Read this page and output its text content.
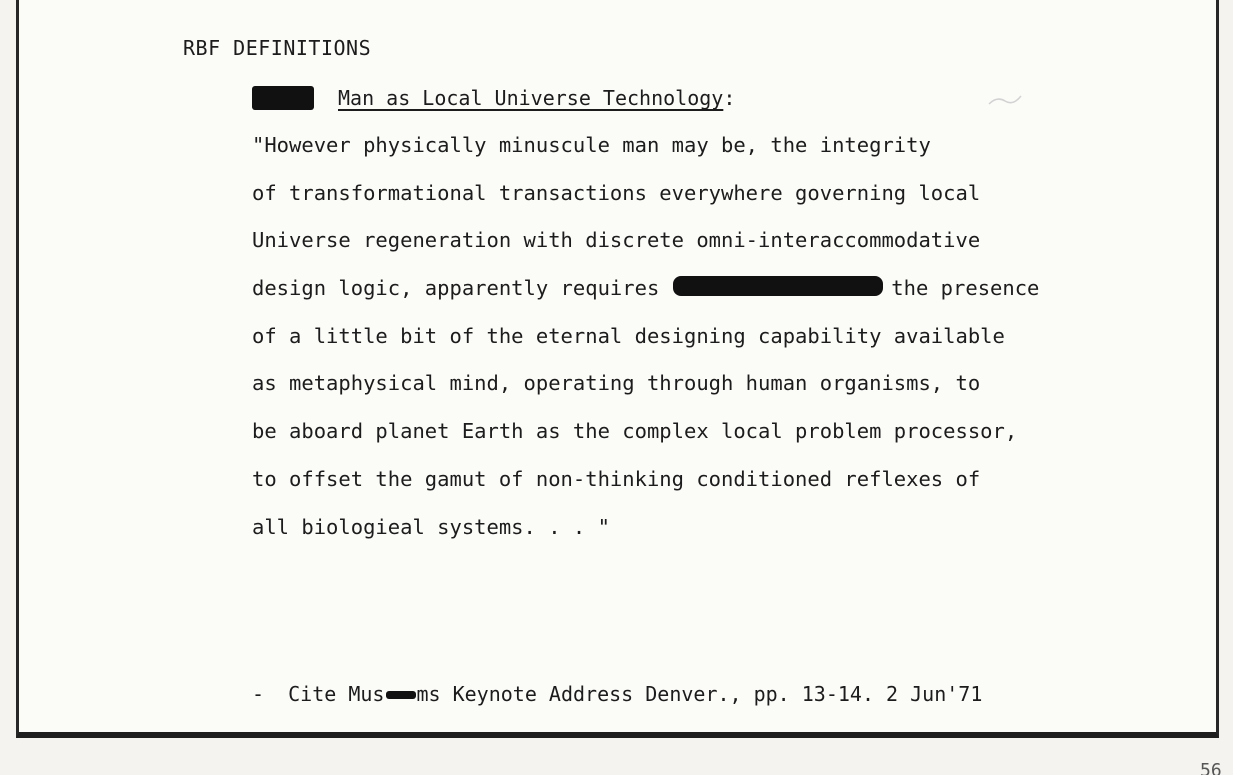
RBF DEFINITIONS
Man as Local Universe Technology:
"However physically minuscule man may be, the integrity
of transformational transactions everywhere governing local
Universe regeneration with discrete omni-interaccommodative
design logic, apparently requires	the presence
of a little bit of the eternal designing capability available
as metaphysical mind, operating through human organisms, to
be aboard planet Earth as the complex local problem processor,
to offset the gamut of non-thinking conditioned reflexes of
all biologieal systems. . . "
-  Cite Mus ms Keynote Address Denver., pp. 13-14. 2 Jun'71
56
